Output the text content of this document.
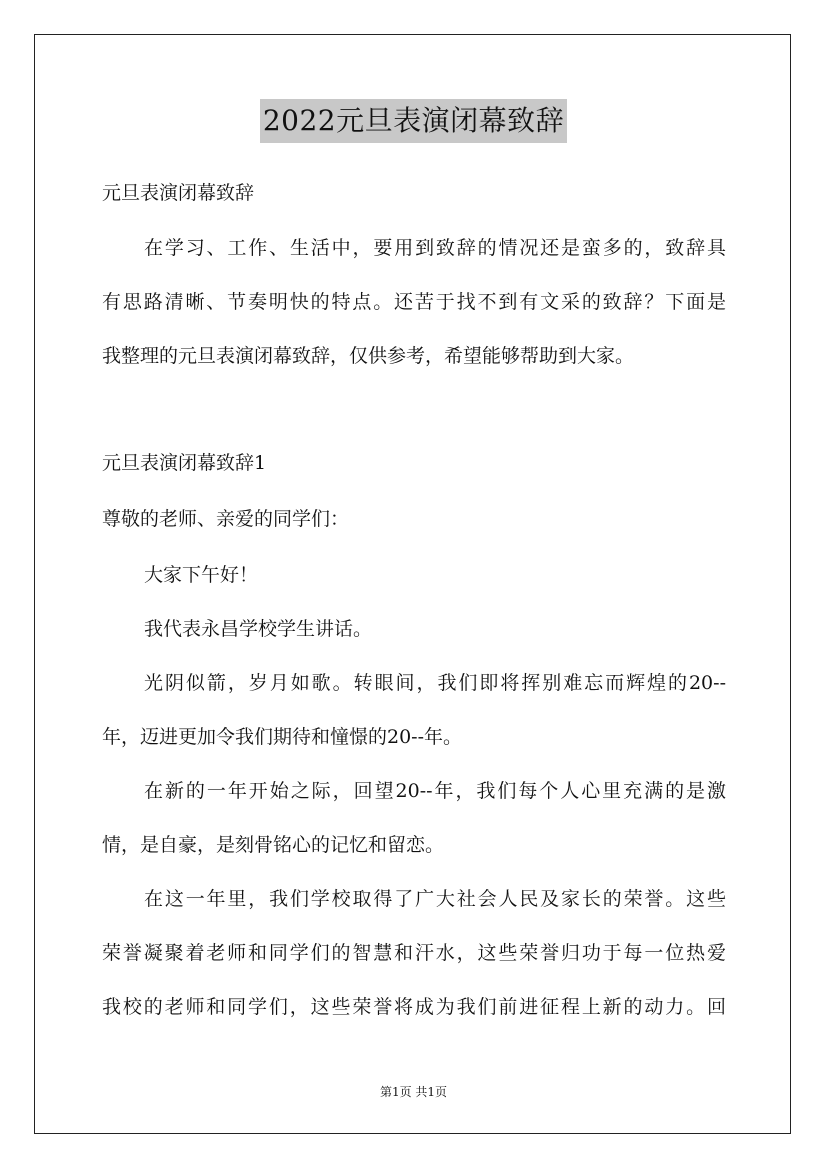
2022元旦表演闭幕致辞
元旦表演闭幕致辞
在学习、工作、生活中，要用到致辞的情况还是蛮多的，致辞具
有思路清晰、节奏明快的特点。还苦于找不到有文采的致辞？下面是
我整理的元旦表演闭幕致辞，仅供参考，希望能够帮助到大家。
元旦表演闭幕致辞1
尊敬的老师、亲爱的同学们：
大家下午好！
我代表永昌学校学生讲话。
光阴似箭，岁月如歌。转眼间，我们即将挥别难忘而辉煌的20--
年，迈进更加令我们期待和憧憬的20--年。
在新的一年开始之际，回望20--年，我们每个人心里充满的是激
情，是自豪，是刻骨铭心的记忆和留恋。
在这一年里，我们学校取得了广大社会人民及家长的荣誉。这些
荣誉凝聚着老师和同学们的智慧和汗水，这些荣誉归功于每一位热爱
我校的老师和同学们，这些荣誉将成为我们前进征程上新的动力。回
第1页 共1页
